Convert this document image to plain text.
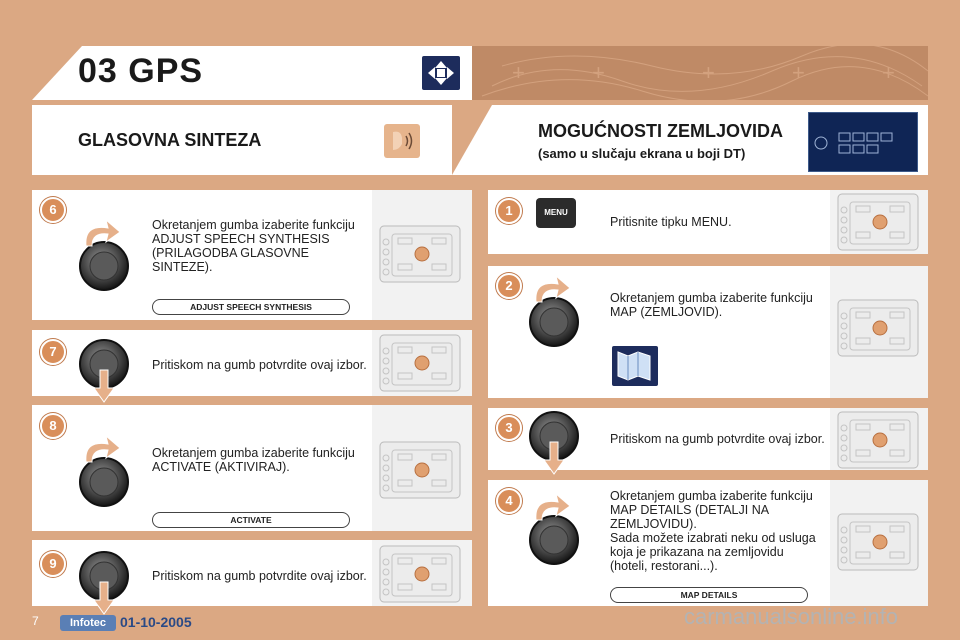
+	+	+	+	+
03 GPS
GLASOVNA SINTEZA	MOGUĆNOSTI ZEMLJOVIDA
(samo u slučaju ekrana u boji DT)
6
Okretanjem gumba izaberite funkciju
ADJUST SPEECH SYNTHESIS
(PRILAGODBA GLASOVNE
SINTEZE).
ADJUST SPEECH SYNTHESIS
7
Pritiskom na gumb potvrdite ovaj izbor.
8
Okretanjem gumba izaberite funkciju
ACTIVATE (AKTIVIRAJ).
ACTIVATE
9
Pritiskom na gumb potvrdite ovaj izbor.
1	MENU
Pritisnite tipku MENU.
2
Okretanjem gumba izaberite funkciju
MAP (ZEMLJOVID).
3
Pritiskom na gumb potvrdite ovaj izbor.
4	Okretanjem gumba izaberite funkciju
MAP DETAILS (DETALJI NA
ZEMLJOVIDU).
Sada možete izabrati neku od usluga
koja je prikazana na zemljovidu
(hoteli, restorani...).
MAP DETAILS
7	Infotec 01-10-2005	carmanualsonline.info
